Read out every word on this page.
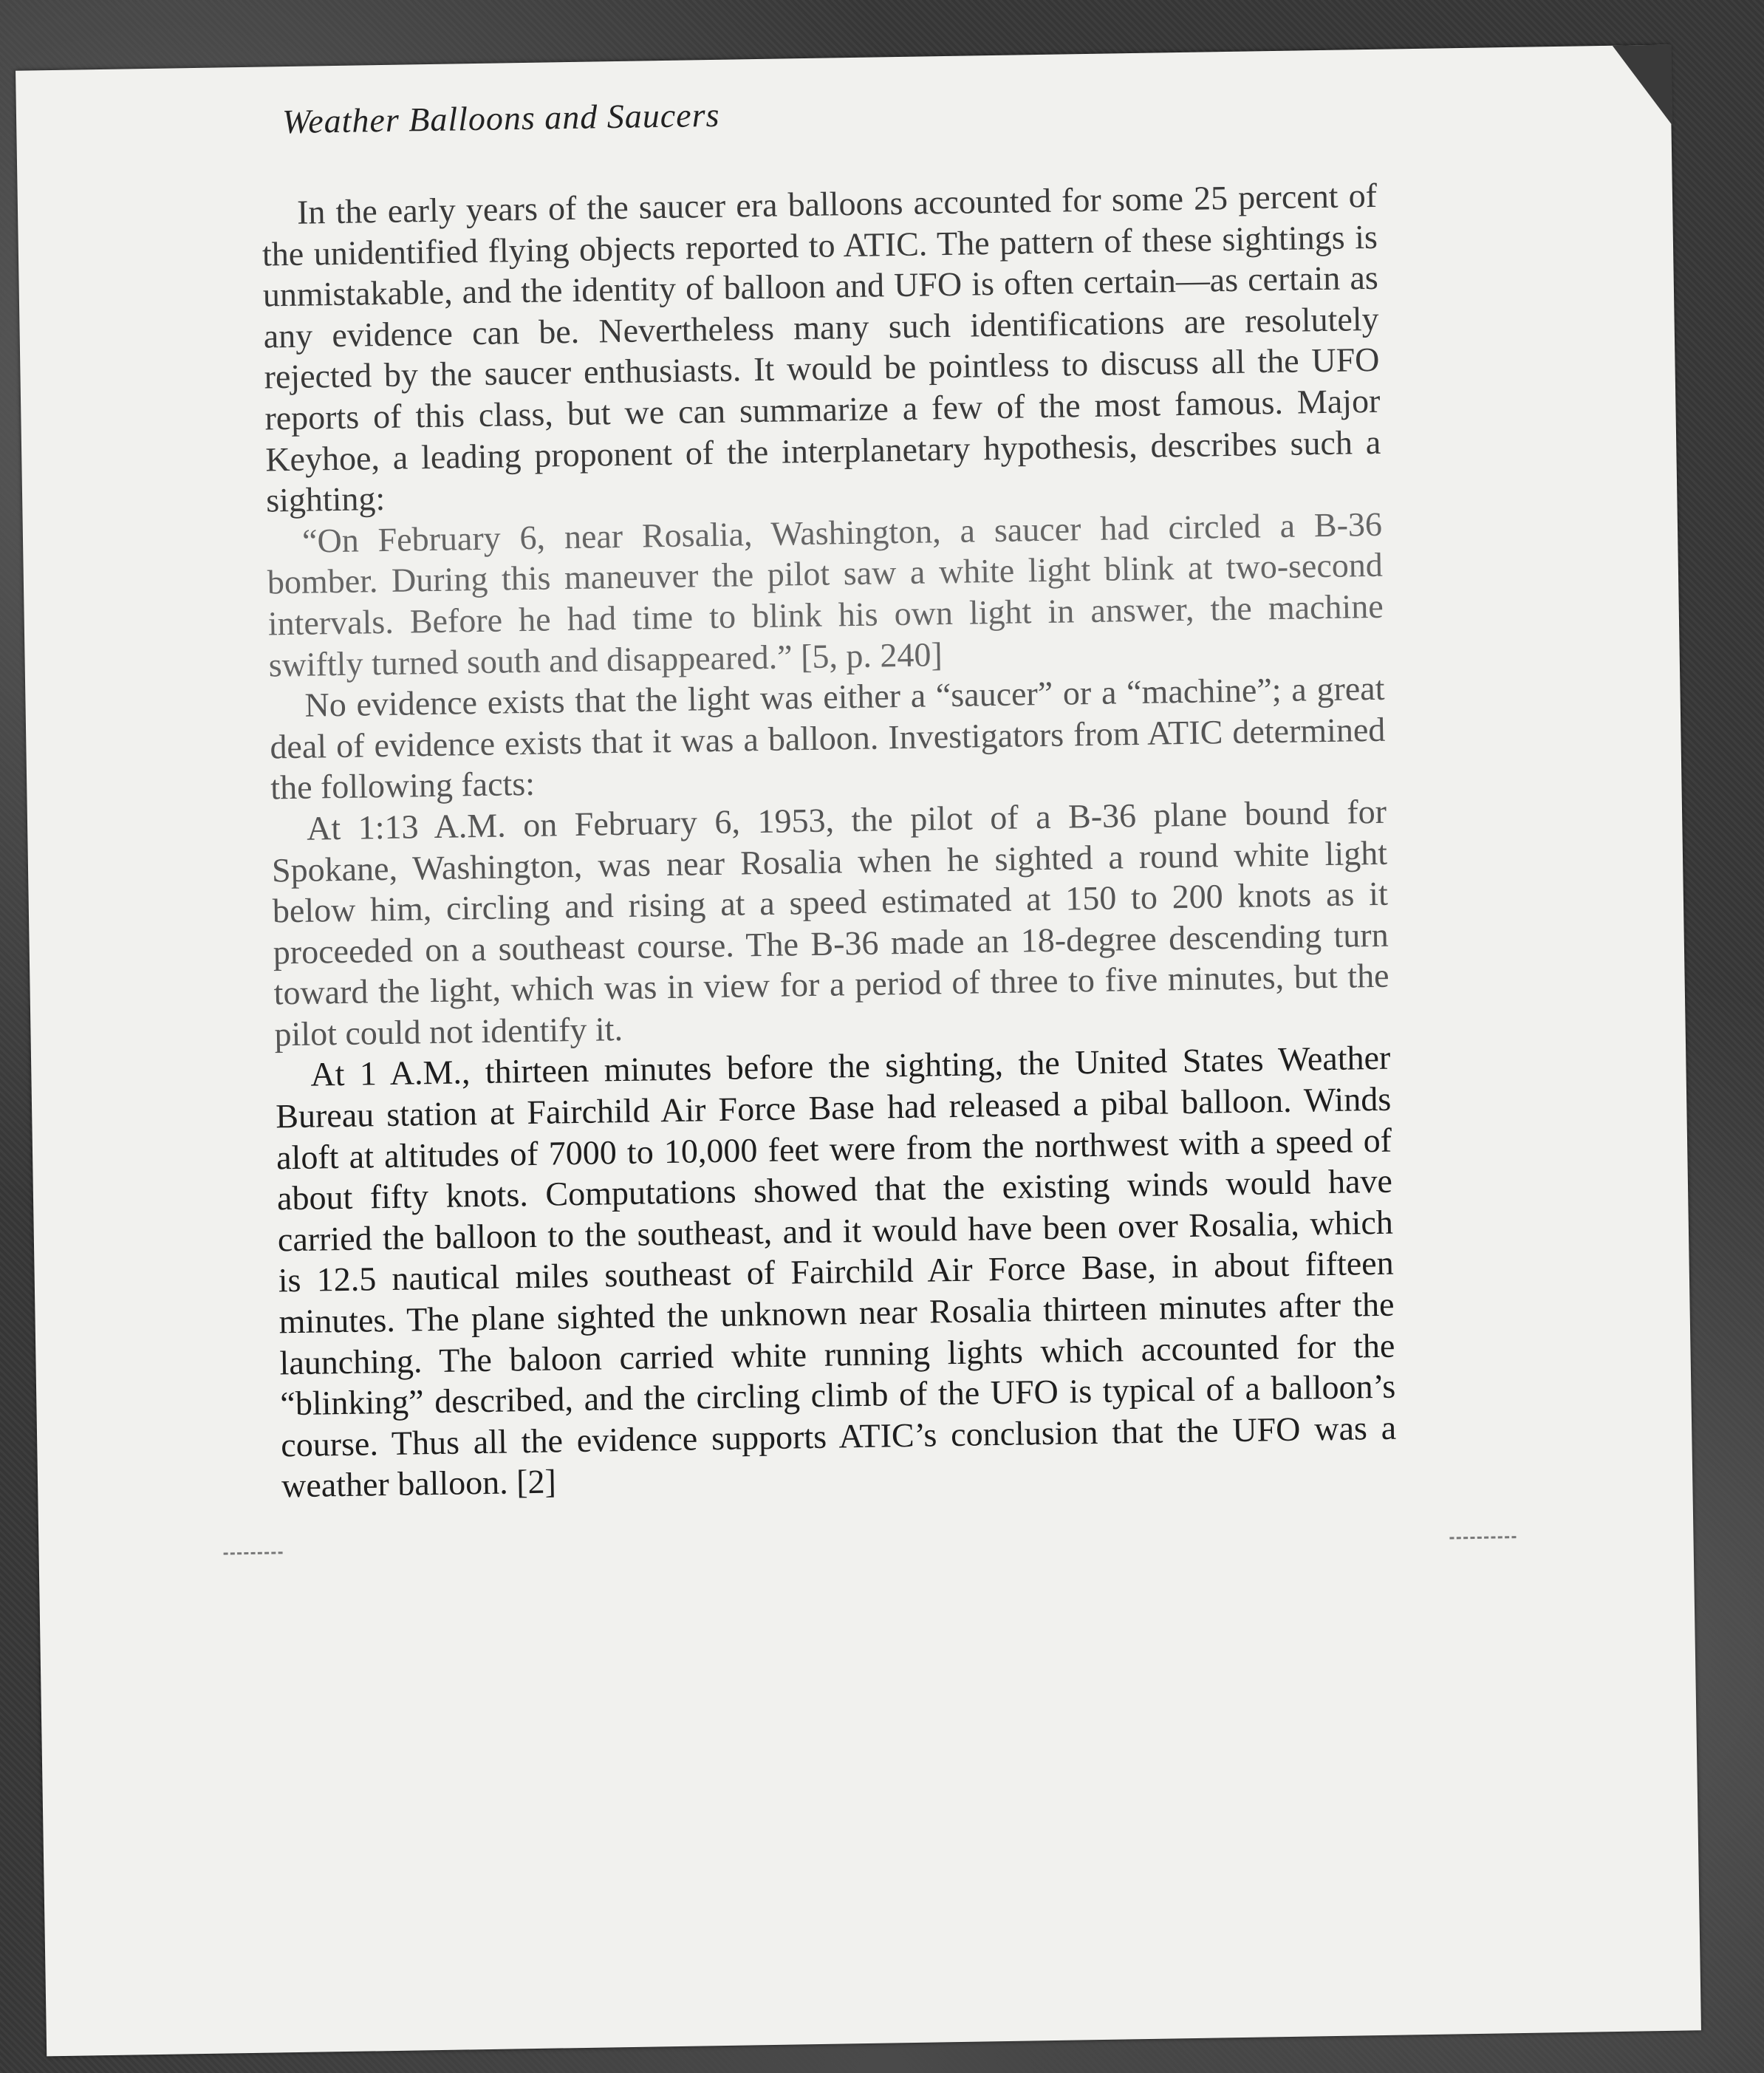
Weather Balloons and Saucers

In the early years of the saucer era balloons accounted for some 25 percent of the unidentified flying objects reported to ATIC. The pattern of these sightings is unmistakable, and the identity of balloon and UFO is often certain—as certain as any evidence can be. Nevertheless many such identifications are resolutely rejected by the saucer enthusiasts. It would be pointless to discuss all the UFO reports of this class, but we can summarize a few of the most famous. Major Keyhoe, a leading proponent of the interplanetary hypothesis, describes such a sighting:

“On February 6, near Rosalia, Washington, a saucer had circled a B-36 bomber. During this maneuver the pilot saw a white light blink at two-second intervals. Before he had time to blink his own light in answer, the machine swiftly turned south and disappeared.” [5, p. 240]

No evidence exists that the light was either a “saucer” or a “machine”; a great deal of evidence exists that it was a balloon. Investigators from ATIC determined the following facts:

At 1:13 A.M. on February 6, 1953, the pilot of a B-36 plane bound for Spokane, Washington, was near Rosalia when he sighted a round white light below him, circling and rising at a speed estimated at 150 to 200 knots as it proceeded on a southeast course. The B-36 made an 18-degree descending turn toward the light, which was in view for a period of three to five minutes, but the pilot could not identify it.

At 1 A.M., thirteen minutes before the sighting, the United States Weather Bureau station at Fairchild Air Force Base had released a pibal balloon. Winds aloft at altitudes of 7000 to 10,000 feet were from the northwest with a speed of about fifty knots. Computations showed that the existing winds would have carried the balloon to the southeast, and it would have been over Rosalia, which is 12.5 nautical miles southeast of Fairchild Air Force Base, in about fifteen minutes. The plane sighted the unknown near Rosalia thirteen minutes after the launching. The baloon carried white running lights which accounted for the “blinking” described, and the circling climb of the UFO is typical of a balloon’s course. Thus all the evidence supports ATIC’s conclusion that the UFO was a weather balloon. [2]
